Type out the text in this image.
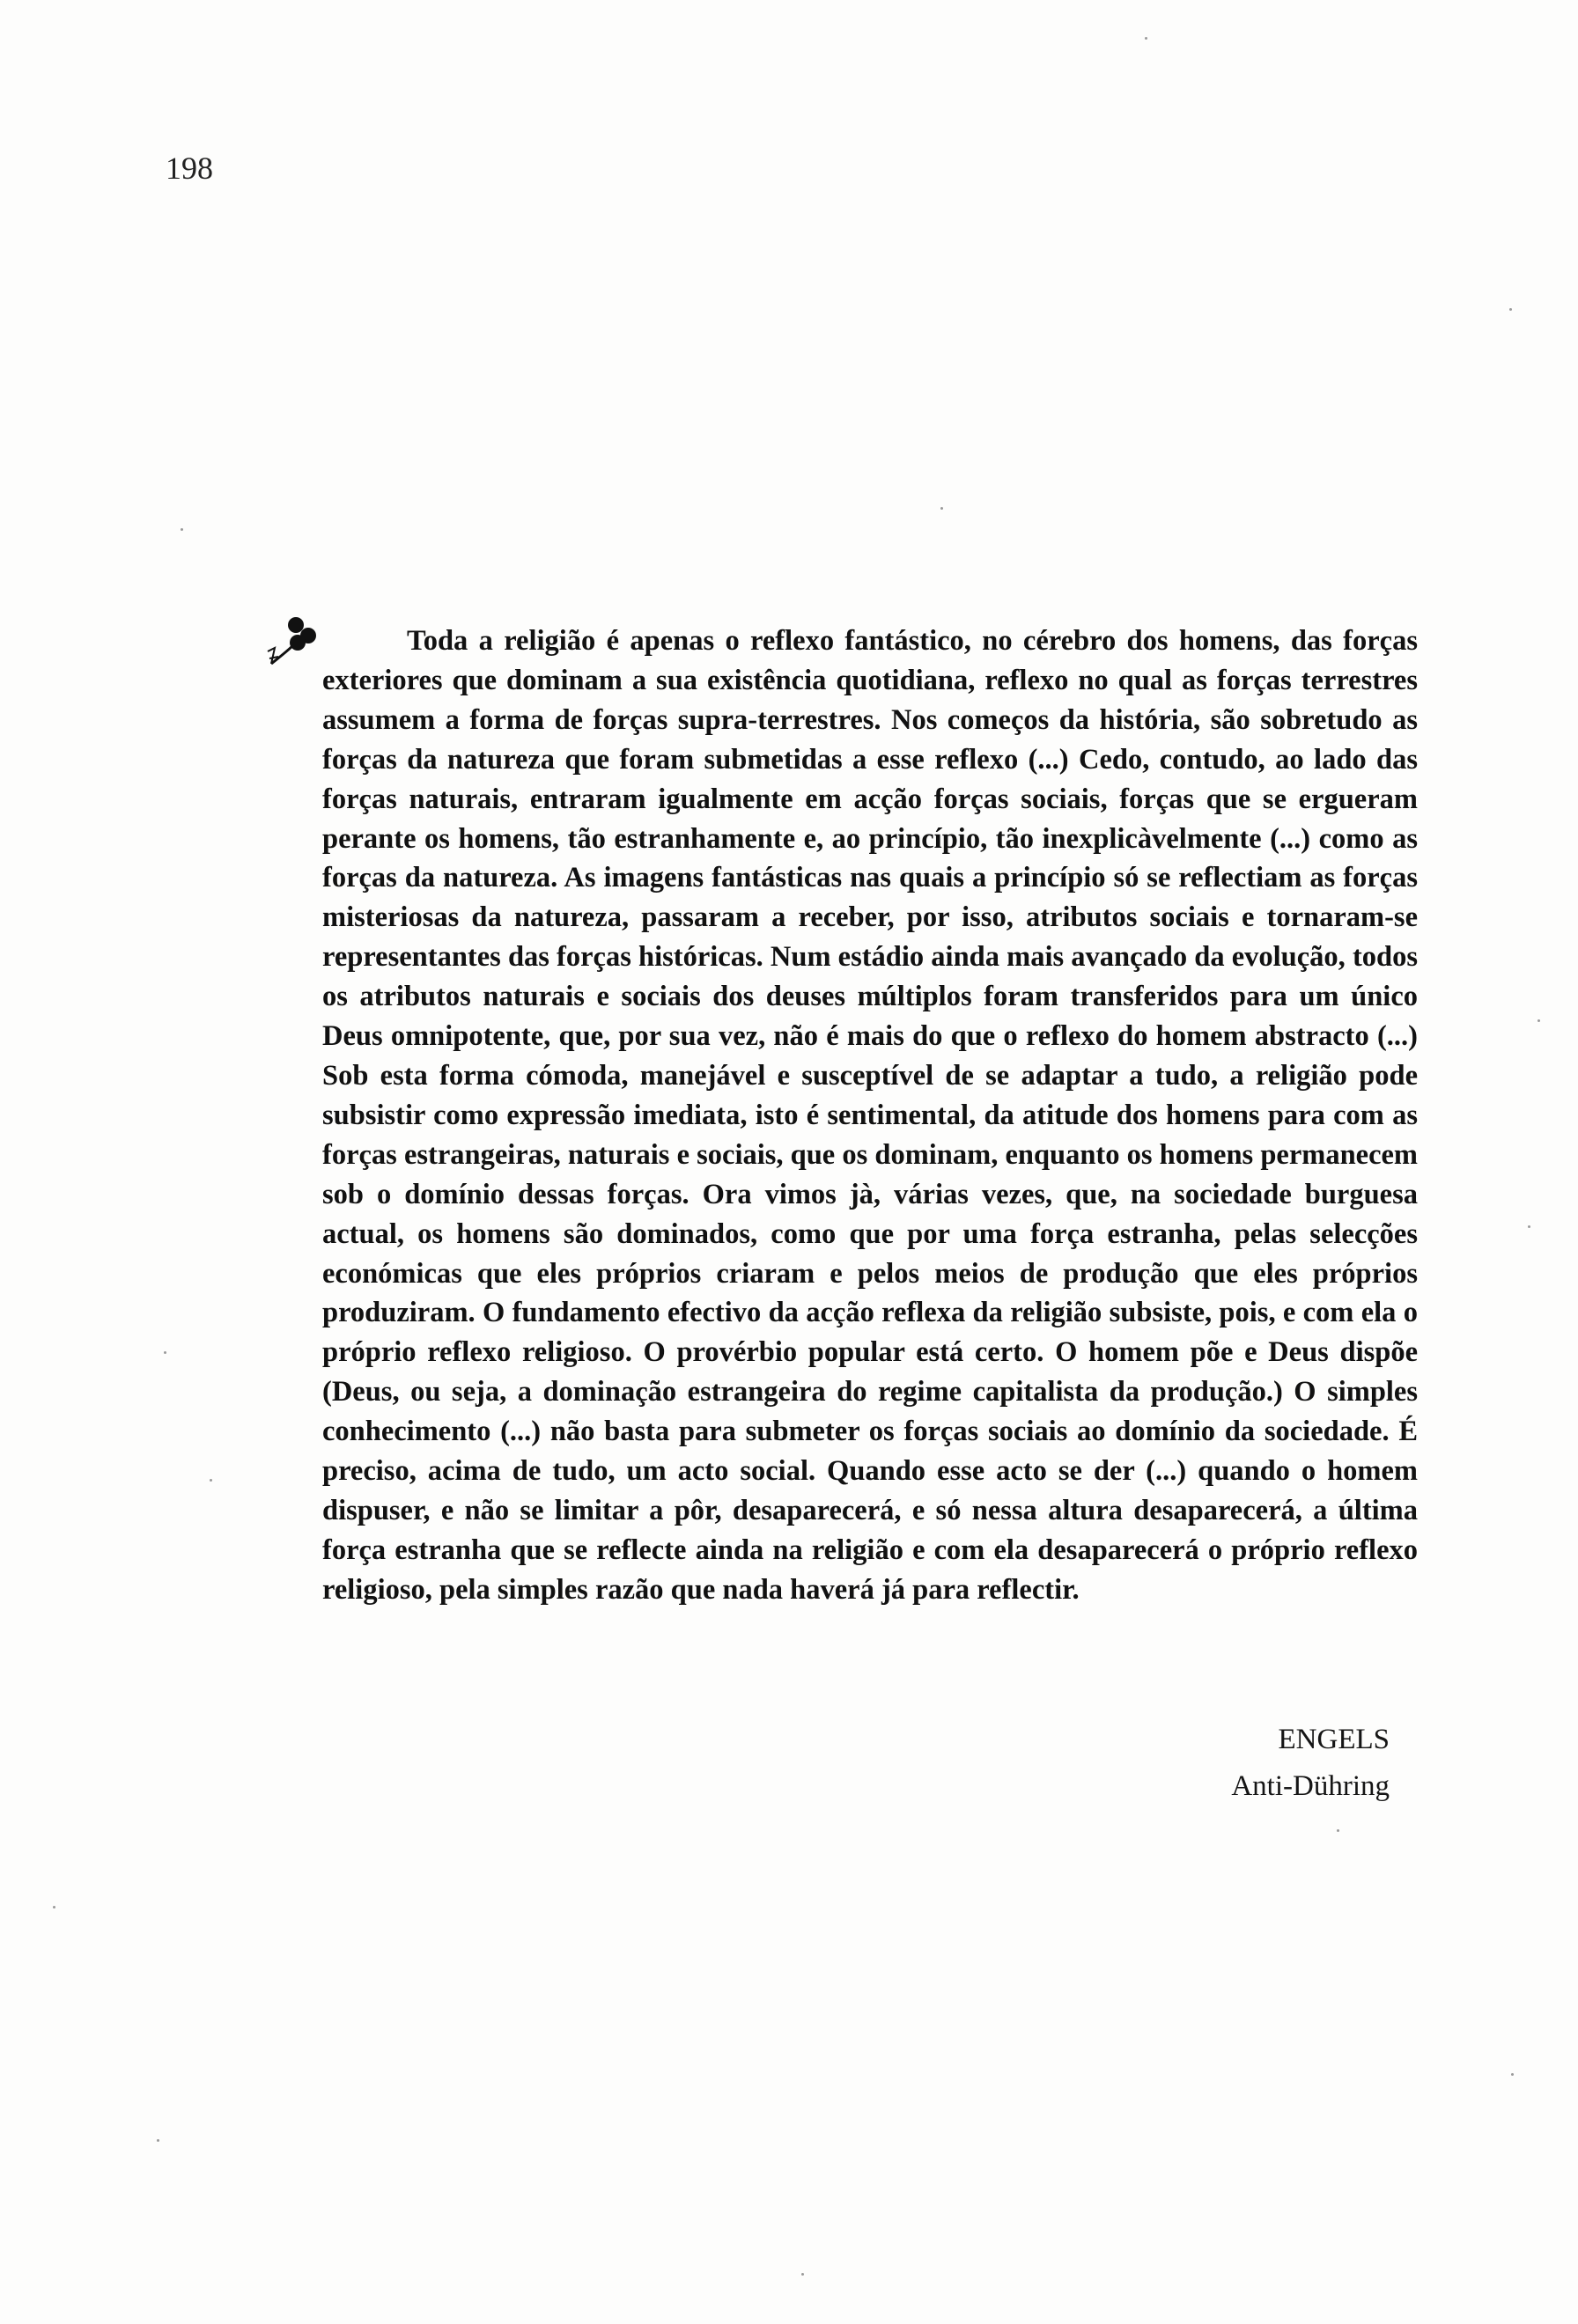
198

Toda a religião é apenas o reflexo fantástico, no cérebro dos homens, das forças exteriores que dominam a sua existência quotidiana, reflexo no qual as forças terrestres assumem a forma de forças supra-terrestres. Nos começos da história, são sobretudo as forças da natureza que foram submetidas a esse reflexo (...) Cedo, contudo, ao lado das forças naturais, entraram igualmente em acção forças sociais, forças que se ergueram perante os homens, tão estranhamente e, ao princípio, tão inexplicàvelmente (...) como as forças da natureza. As imagens fantásticas nas quais a princípio só se reflectiam as forças misteriosas da natureza, passaram a receber, por isso, atributos sociais e tornaram-se representantes das forças históricas. Num estádio ainda mais avançado da evolução, todos os atributos naturais e sociais dos deuses múltiplos foram transferidos para um único Deus omnipotente, que, por sua vez, não é mais do que o reflexo do homem abstracto (...) Sob esta forma cómoda, manejável e susceptível de se adaptar a tudo, a religião pode subsistir como expressão imediata, isto é sentimental, da atitude dos homens para com as forças estrangeiras, naturais e sociais, que os dominam, enquanto os homens permanecem sob o domínio dessas forças. Ora vimos jà, várias vezes, que, na sociedade burguesa actual, os homens são dominados, como que por uma força estranha, pelas selecções económicas que eles próprios criaram e pelos meios de produção que eles próprios produziram. O fundamento efectivo da acção reflexa da religião subsiste, pois, e com ela o próprio reflexo religioso. O provérbio popular está certo. O homem põe e Deus dispõe (Deus, ou seja, a dominação estrangeira do regime capitalista da produção.) O simples conhecimento (...) não basta para submeter os forças sociais ao domínio da sociedade. É preciso, acima de tudo, um acto social. Quando esse acto se der (...) quando o homem dispuser, e não se limitar a pôr, desaparecerá, e só nessa altura desaparecerá, a última força estranha que se reflecte ainda na religião e com ela desaparecerá o próprio reflexo religioso, pela simples razão que nada haverá já para reflectir.

ENGELS
Anti-Dühring
